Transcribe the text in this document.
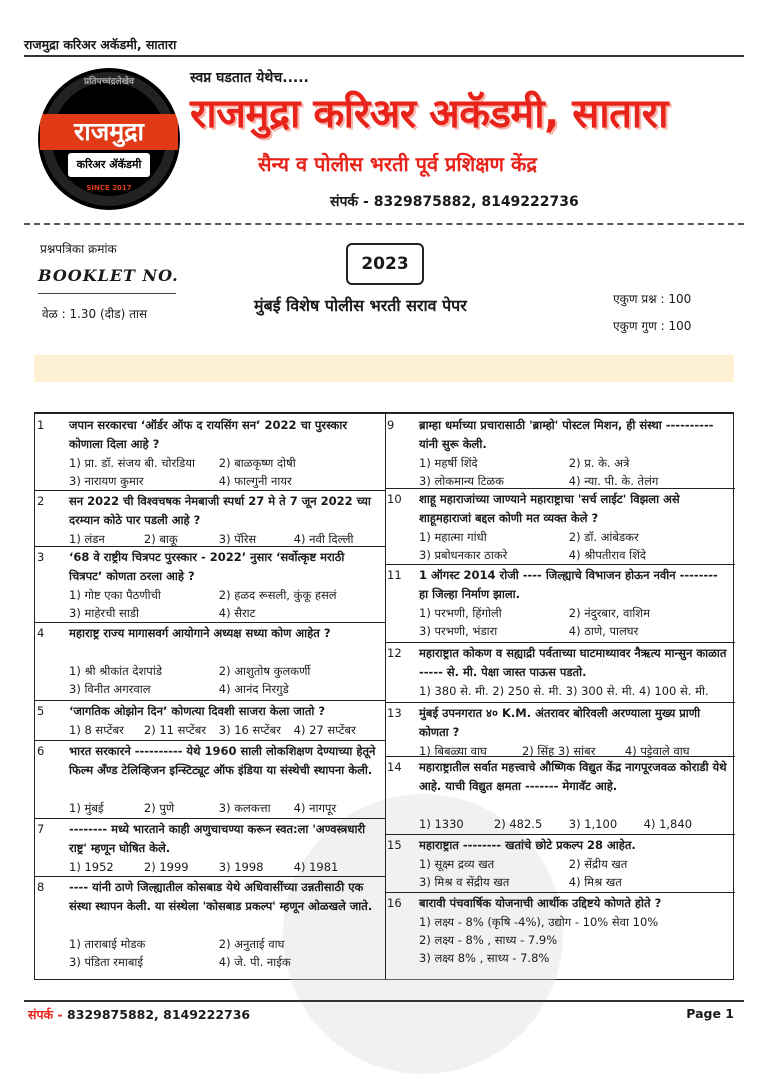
राजमुद्रा करिअर अकॅडमी, सातारा
प्रतिपच्चंद्रलेखेव
राजमुद्रा
करिअर ॲकॅडमी
SINCE 2017
स्वप्न घडतात येथेच.....
राजमुद्रा करिअर अकॅडमी, सातारा
सैन्य व पोलीस भरती पूर्व प्रशिक्षण केंद्र
संपर्क - 8329875882, 8149222736
प्रश्नपत्रिका क्रमांक
BOOKLET NO.
वेळ : 1.30 (दीड) तास
2023
मुंबई विशेष पोलीस भरती सराव पेपर	एकुण प्रश्न : 100
एकुण गुण : 100
1	जपान सरकारचा ‘ऑर्डर ऑफ द रायसिंग सन’ 2022 चा पुरस्कार कोणाला दिला आहे ?
1) प्रा. डॉ. संजय बी. चोरडिया 2) बाळकृष्ण दोषी
3) नारायण कुमार	4) फाल्गुनी नायर
2	सन 2022 ची विश्वचषक नेमबाजी स्पर्धा 27 मे ते 7 जून 2022 च्या दरम्यान कोठे पार पडली आहे ?
1) लंडन	2) बाकू	3) पॅरिस	4) नवी दिल्ली
3	‘68 वे राष्ट्रीय चित्रपट पुरस्कार - 2022’ नुसार ‘सर्वोत्कृष्ट मराठी चित्रपट’ कोणता ठरला आहे ?
1) गोष्ट एका पैठणीची	2) हळद रूसली, कुंकू हसलं
3) माहेरची साडी	4) सैराट
4	महाराष्ट्र राज्य मागासवर्ग आयोगाने अध्यक्ष सध्या कोण आहेत ?
1) श्री श्रीकांत देशपांडे	2) आशुतोष कुलकर्णी
3) विनीत अगरवाल	4) आनंद निरगुडे
5	‘जागतिक ओझोन दिन’ कोणत्या दिवशी साजरा केला जातो ?
1) 8 सप्टेंबर 2) 11 सप्टेंबर 3) 16 सप्टेंबर 4) 27 सप्टेंबर
6	भारत सरकारने ---------- येथे 1960 साली लोकशिक्षण देण्याच्या हेतूने फिल्म अँण्ड टेलिव्हिजन इन्स्टिट्यूट ऑफ इंडिया या संस्थेची स्थापना केली.
1) मुंबई	2) पुणे	3) कलकत्ता 4) नागपूर
7	-------- मध्ये भारताने काही अणुचाचण्या करून स्वत:ला 'अण्वस्त्रधारी राष्ट्र' म्हणून घोषित केले.
1) 1952	2) 1999	3) 1998	4) 1981
8	---- यांनी ठाणे जिल्ह्यातील कोसबाड येथे अधिवासींच्या उन्नतीसाठी एक संस्था स्थापन केली. या संस्थेला 'कोसबाड प्रकल्प' म्हणून ओळखले जाते.
1) ताराबाई मोडक	2) अनुताई वाघ
3) पंडिता रमाबाई	4) जे. पी. नाईक
9	ब्राम्हा धर्माच्या प्रचारासाठी 'ब्राम्हो' पोस्टल मिशन, ही संस्था ---------- यांनी सुरू केली.
1) महर्षी शिंदे	2) प्र. के. अत्रे
3) लोकमान्य टिळक	4) न्या. पी. के. तेलंग
10	शाहू महाराजांच्या जाण्याने महाराष्ट्राचा 'सर्च लाईट' विझला असे शाहूमहाराजां बद्दल कोणी मत व्यक्त केले ?
1) महात्मा गांधी	2) डॉ. आंबेडकर
3) प्रबोधनकार ठाकरे	4) श्रीपतीराव शिंदे
11	1 ऑगस्ट 2014 रोजी ---- जिल्ह्याचे विभाजन होऊन नवीन -------- हा जिल्हा निर्माण झाला.
1) परभणी, हिंगोली	2) नंदुरबार, वाशिम
3) परभणी, भंडारा	4) ठाणे, पालघर
12	महाराष्ट्रात कोकण व सह्याद्री पर्वताच्या घाटमाथ्यावर नैऋत्य मान्सुन काळात ----- से. मी. पेक्षा जास्त पाऊस पडतो.
1) 380 से. मी. 2) 250 से. मी. 3) 300 से. मी. 4) 100 से. मी.
13	मुंबई उपनगरात ४० K.M. अंतरावर बोरिवली अरण्याला मुख्य प्राणी कोणता ?
1) बिबळ्या वाघ	2) सिंह 3) सांबर	4) पट्टेवाले वाघ
14	महाराष्ट्रातील सर्वात महत्त्वाचे औष्णिक विद्युत केंद्र नागपूरजवळ कोराडी येथे आहे. याची विद्युत क्षमता ------- मेगावॅट आहे.
1) 1330	2) 482.5 3) 1,100 4) 1,840
15	महाराष्ट्रात -------- खतांचे छोटे प्रकल्प 28 आहेत.
1) सूक्ष्म द्रव्य खत	2) सेंद्रीय खत
3) मिश्र व सेंद्रीय खत	4) मिश्र खत
16	बारावी पंचवार्षिक योजनाची आर्थीक उद्दिष्टये कोणते होते ?
1) लक्ष्य - 8% (कृषि -4%), उद्योग - 10% सेवा 10%
2) लक्ष्य - 8% , साध्य - 7.9%
3) लक्ष्य 8% , साध्य - 7.8%
संपर्क - 8329875882, 8149222736	Page 1
